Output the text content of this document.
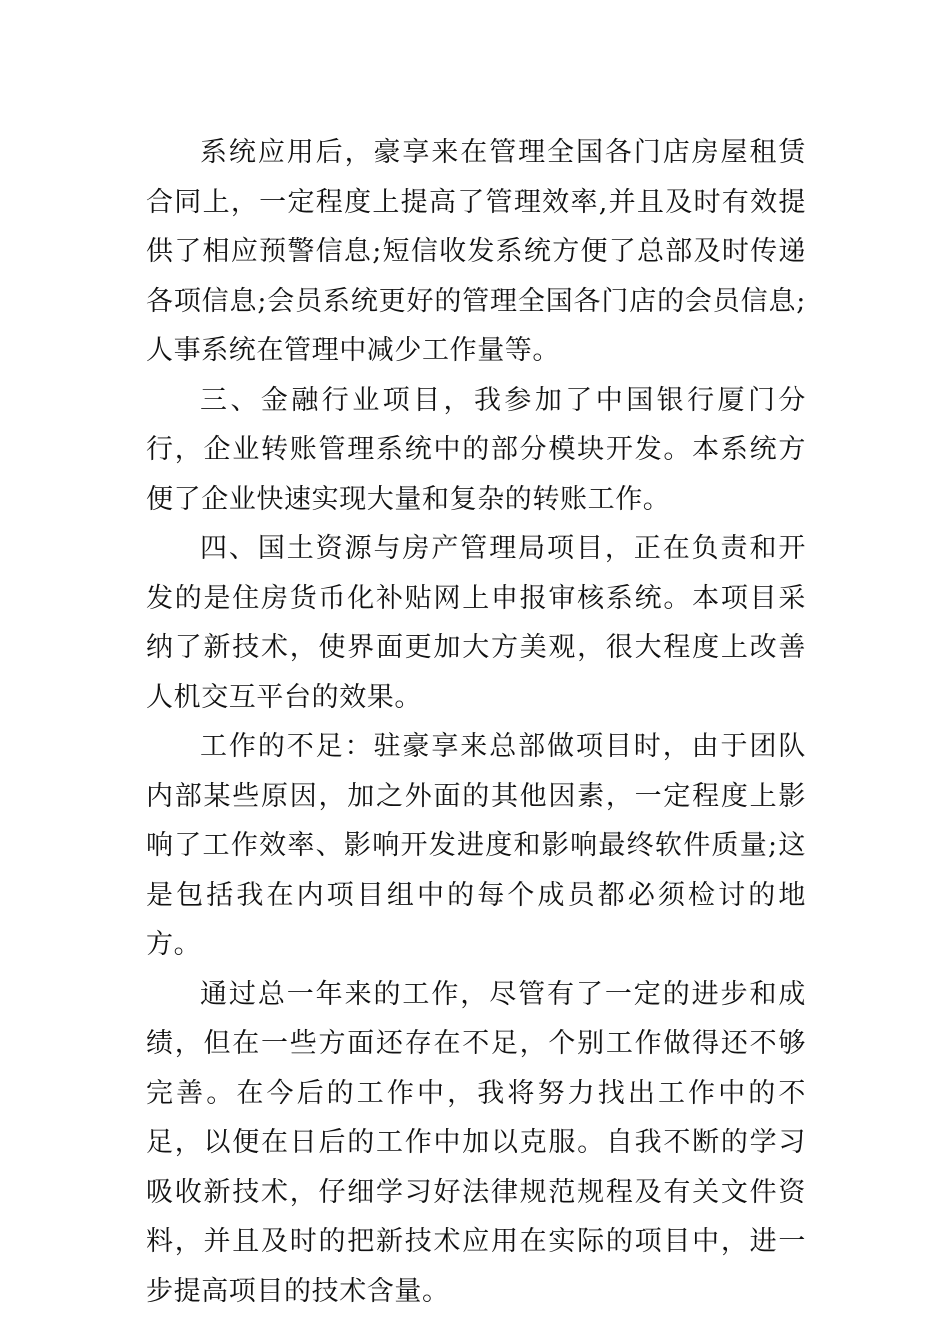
系统应用后，豪享来在管理全国各门店房屋租赁合同上，一定程度上提高了管理效率,并且及时有效提供了相应预警信息;短信收发系统方便了总部及时传递各项信息;会员系统更好的管理全国各门店的会员信息;人事系统在管理中减少工作量等。

三、金融行业项目，我参加了中国银行厦门分行，企业转账管理系统中的部分模块开发。本系统方便了企业快速实现大量和复杂的转账工作。

四、国土资源与房产管理局项目，正在负责和开发的是住房货币化补贴网上申报审核系统。本项目采纳了新技术，使界面更加大方美观，很大程度上改善人机交互平台的效果。

工作的不足：驻豪享来总部做项目时，由于团队内部某些原因，加之外面的其他因素，一定程度上影响了工作效率、影响开发进度和影响最终软件质量;这是包括我在内项目组中的每个成员都必须检讨的地方。

通过总一年来的工作，尽管有了一定的进步和成绩，但在一些方面还存在不足，个别工作做得还不够完善。在今后的工作中，我将努力找出工作中的不足，以便在日后的工作中加以克服。自我不断的学习吸收新技术，仔细学习好法律规范规程及有关文件资料，并且及时的把新技术应用在实际的项目中，进一步提高项目的技术含量。
